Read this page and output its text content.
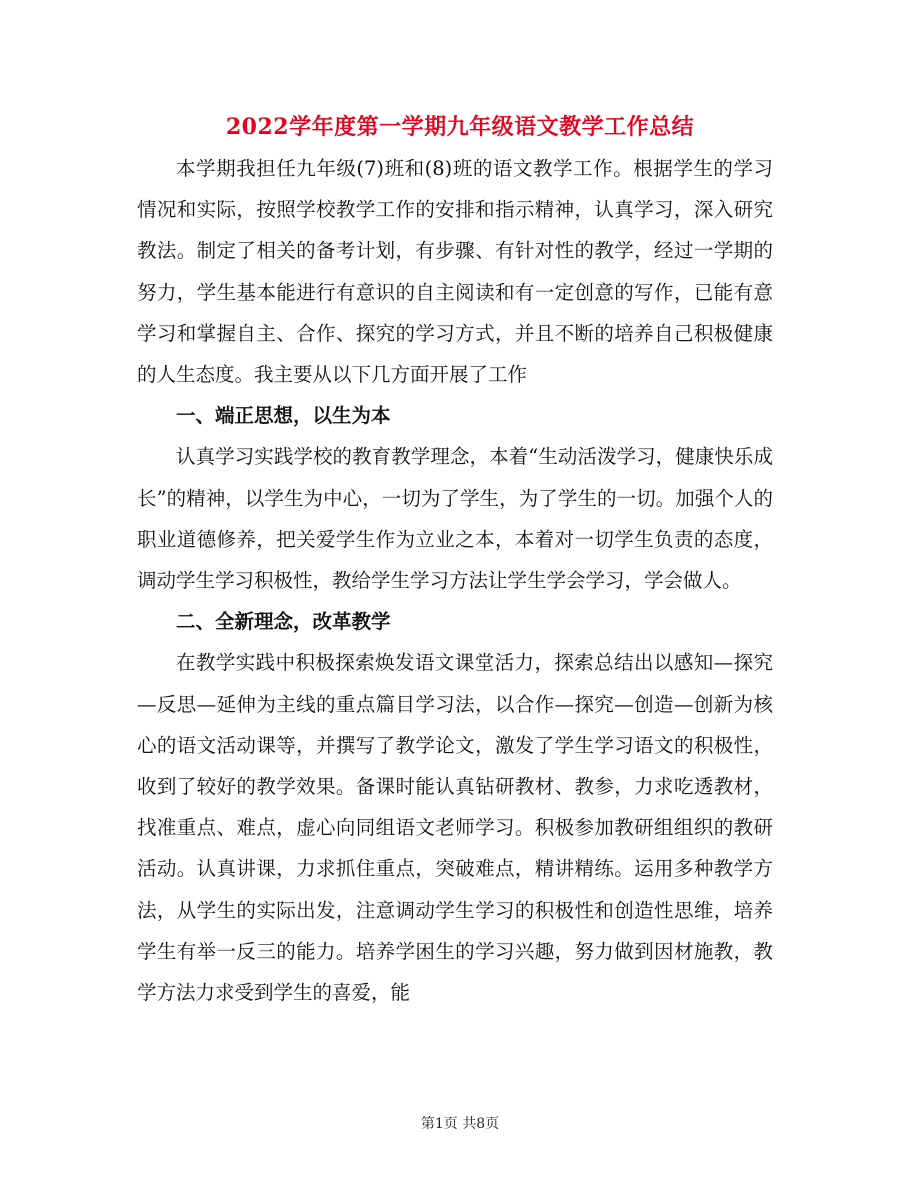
2022学年度第一学期九年级语文教学工作总结

本学期我担任九年级(7)班和(8)班的语文教学工作。根据学生的学习情况和实际，按照学校教学工作的安排和指示精神，认真学习，深入研究教法。制定了相关的备考计划，有步骤、有针对性的教学，经过一学期的努力，学生基本能进行有意识的自主阅读和有一定创意的写作，已能有意学习和掌握自主、合作、探究的学习方式，并且不断的培养自己积极健康的人生态度。我主要从以下几方面开展了工作

一、端正思想，以生为本

认真学习实践学校的教育教学理念，本着“生动活泼学习，健康快乐成长”的精神，以学生为中心，一切为了学生，为了学生的一切。加强个人的职业道德修养，把关爱学生作为立业之本，本着对一切学生负责的态度，调动学生学习积极性，教给学生学习方法让学生学会学习，学会做人。

二、全新理念，改革教学

在教学实践中积极探索焕发语文课堂活力，探索总结出以感知—探究—反思—延伸为主线的重点篇目学习法，以合作—探究—创造—创新为核心的语文活动课等，并撰写了教学论文，激发了学生学习语文的积极性，收到了较好的教学效果。备课时能认真钻研教材、教参，力求吃透教材，找准重点、难点，虚心向同组语文老师学习。积极参加教研组组织的教研活动。认真讲课，力求抓住重点，突破难点，精讲精练。运用多种教学方法，从学生的实际出发，注意调动学生学习的积极性和创造性思维，培养学生有举一反三的能力。培养学困生的学习兴趣，努力做到因材施教，教学方法力求受到学生的喜爱，能

第1页 共8页
